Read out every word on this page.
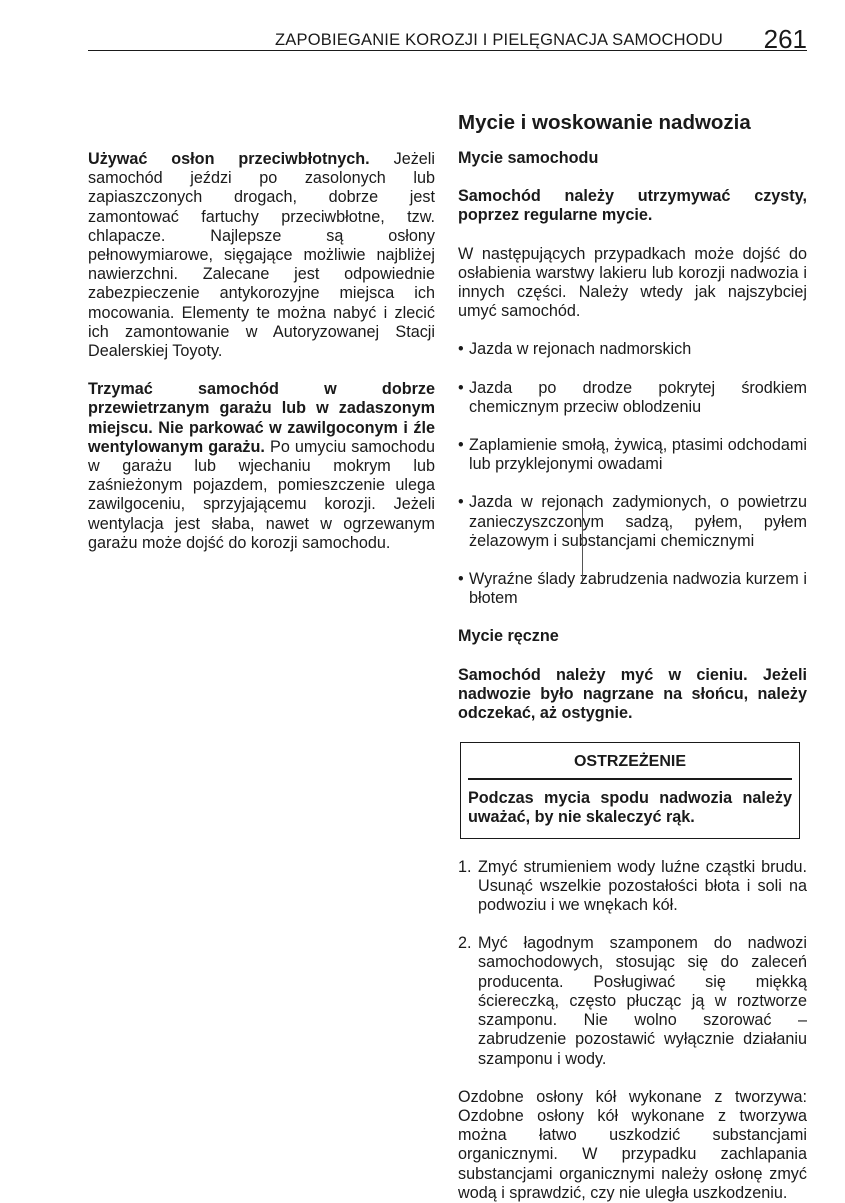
ZAPOBIEGANIE KOROZJI I PIELĘGNACJA SAMOCHODU 261

Używać osłon przeciwbłotnych. Jeżeli samochód jeździ po zasolonych lub zapiaszczonych drogach, dobrze jest zamontować fartuchy przeciwbłotne, tzw. chlapacze. Najlepsze są osłony pełnowymiarowe, sięgające możliwie najbliżej nawierzchni. Zalecane jest odpowiednie zabezpieczenie antykorozyjne miejsca ich mocowania. Elementy te można nabyć i zlecić ich zamontowanie w Autoryzowanej Stacji Dealerskiej Toyoty.

Trzymać samochód w dobrze przewietrzanym garażu lub w zadaszonym miejscu. Nie parkować w zawilgoconym i źle wentylowanym garażu. Po umyciu samochodu w garażu lub wjechaniu mokrym lub zaśnieżonym pojazdem, pomieszczenie ulega zawilgoceniu, sprzyjającemu korozji. Jeżeli wentylacja jest słaba, nawet w ogrzewanym garażu może dojść do korozji samochodu.

Mycie i woskowanie nadwozia

Mycie samochodu

Samochód należy utrzymywać czysty, poprzez regularne mycie.

W następujących przypadkach może dojść do osłabienia warstwy lakieru lub korozji nadwozia i innych części. Należy wtedy jak najszybciej umyć samochód.

• Jazda w rejonach nadmorskich
• Jazda po drodze pokrytej środkiem chemicznym przeciw oblodzeniu
• Zaplamienie smołą, żywicą, ptasimi odchodami lub przyklejonymi owadami
• Jazda w rejonach zadymionych, o powietrzu zanieczyszczonym sadzą, pyłem, pyłem żelazowym i substancjami chemicznymi
• Wyraźne ślady zabrudzenia nadwozia kurzem i błotem

Mycie ręczne

Samochód należy myć w cieniu. Jeżeli nadwozie było nagrzane na słońcu, należy odczekać, aż ostygnie.

OSTRZEŻENIE
Podczas mycia spodu nadwozia należy uważać, by nie skaleczyć rąk.
1. Zmyć strumieniem wody luźne cząstki brudu. Usunąć wszelkie pozostałości błota i soli na podwoziu i we wnękach kół.
2. Myć łagodnym szamponem do nadwozi samochodowych, stosując się do zaleceń producenta. Posługiwać się miękką ściereczką, często płucząc ją w roztworze szamponu. Nie wolno szorować – zabrudzenie pozostawić wyłącznie działaniu szamponu i wody.

Ozdobne osłony kół wykonane z tworzywa: Ozdobne osłony kół wykonane z tworzywa można łatwo uszkodzić substancjami organicznymi. W przypadku zachlapania substancjami organicznymi należy osłonę zmyć wodą i sprawdzić, czy nie uległa uszkodzeniu.
